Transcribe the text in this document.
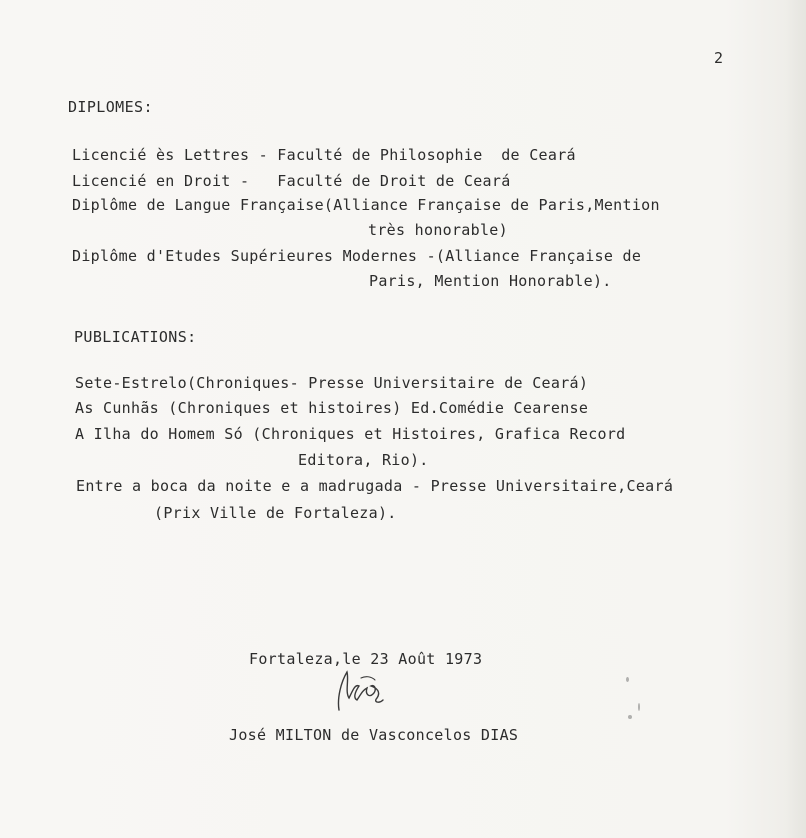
2
DIPLOMES:
Licencié ès Lettres - Faculté de Philosophie  de Ceará
Licencié en Droit -   Faculté de Droit de Ceará
Diplôme de Langue Française(Alliance Française de Paris,Mention
très honorable)
Diplôme d'Etudes Supérieures Modernes -(Alliance Française de
Paris, Mention Honorable).
PUBLICATIONS:
Sete-Estrelo(Chroniques- Presse Universitaire de Ceará)
As Cunhãs (Chroniques et histoires) Ed.Comédie Cearense
A Ilha do Homem Só (Chroniques et Histoires, Grafica Record
Editora, Rio).
Entre a boca da noite e a madrugada - Presse Universitaire,Ceará
(Prix Ville de Fortaleza).
Fortaleza,le 23 Août 1973
José MILTON de Vasconcelos DIAS
